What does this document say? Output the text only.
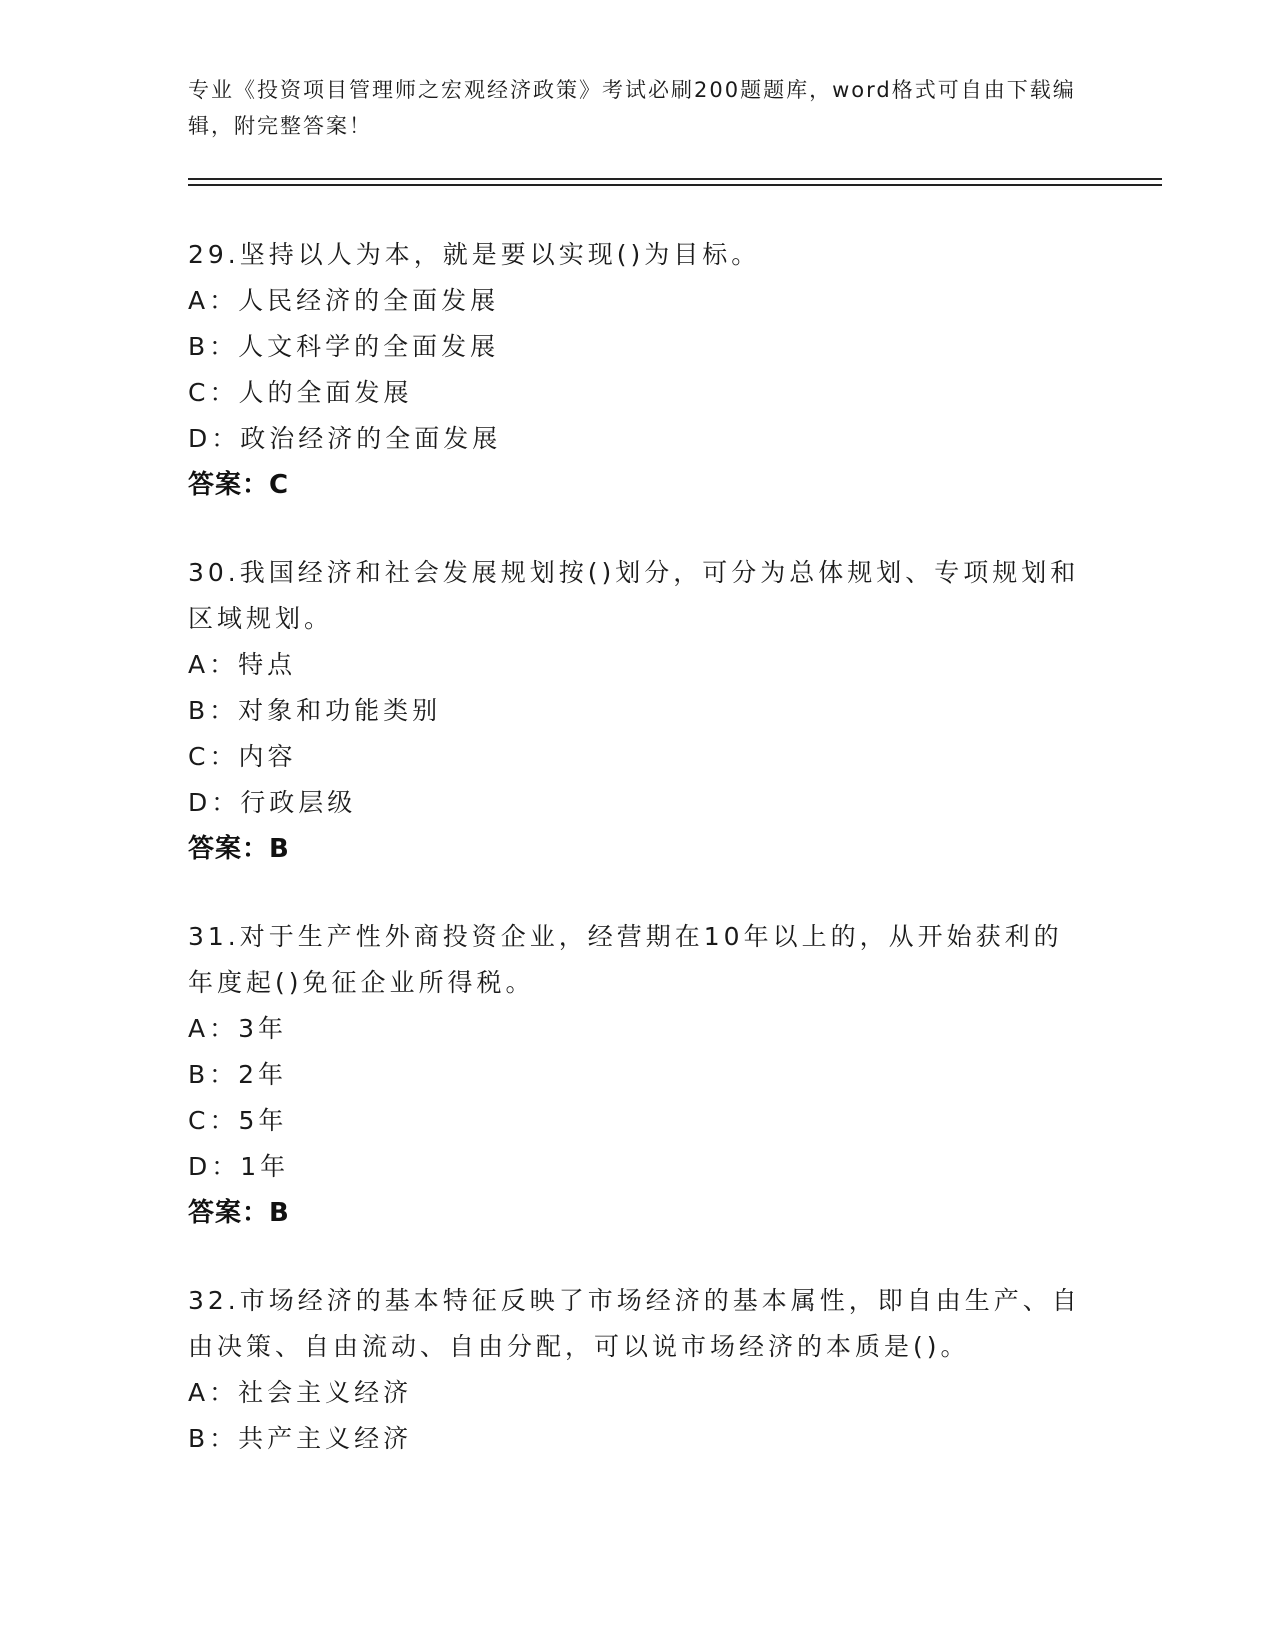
专业《投资项目管理师之宏观经济政策》考试必刷200题题库，word格式可自由下载编辑，附完整答案！
29.坚持以人为本，就是要以实现()为目标。
A：人民经济的全面发展
B：人文科学的全面发展
C：人的全面发展
D：政治经济的全面发展
答案：C
30.我国经济和社会发展规划按()划分，可分为总体规划、专项规划和区域规划。
A：特点
B：对象和功能类别
C：内容
D：行政层级
答案：B
31.对于生产性外商投资企业，经营期在10年以上的，从开始获利的年度起()免征企业所得税。
A：3年
B：2年
C：5年
D：1年
答案：B
32.市场经济的基本特征反映了市场经济的基本属性，即自由生产、自由决策、自由流动、自由分配，可以说市场经济的本质是()。
A：社会主义经济
B：共产主义经济
